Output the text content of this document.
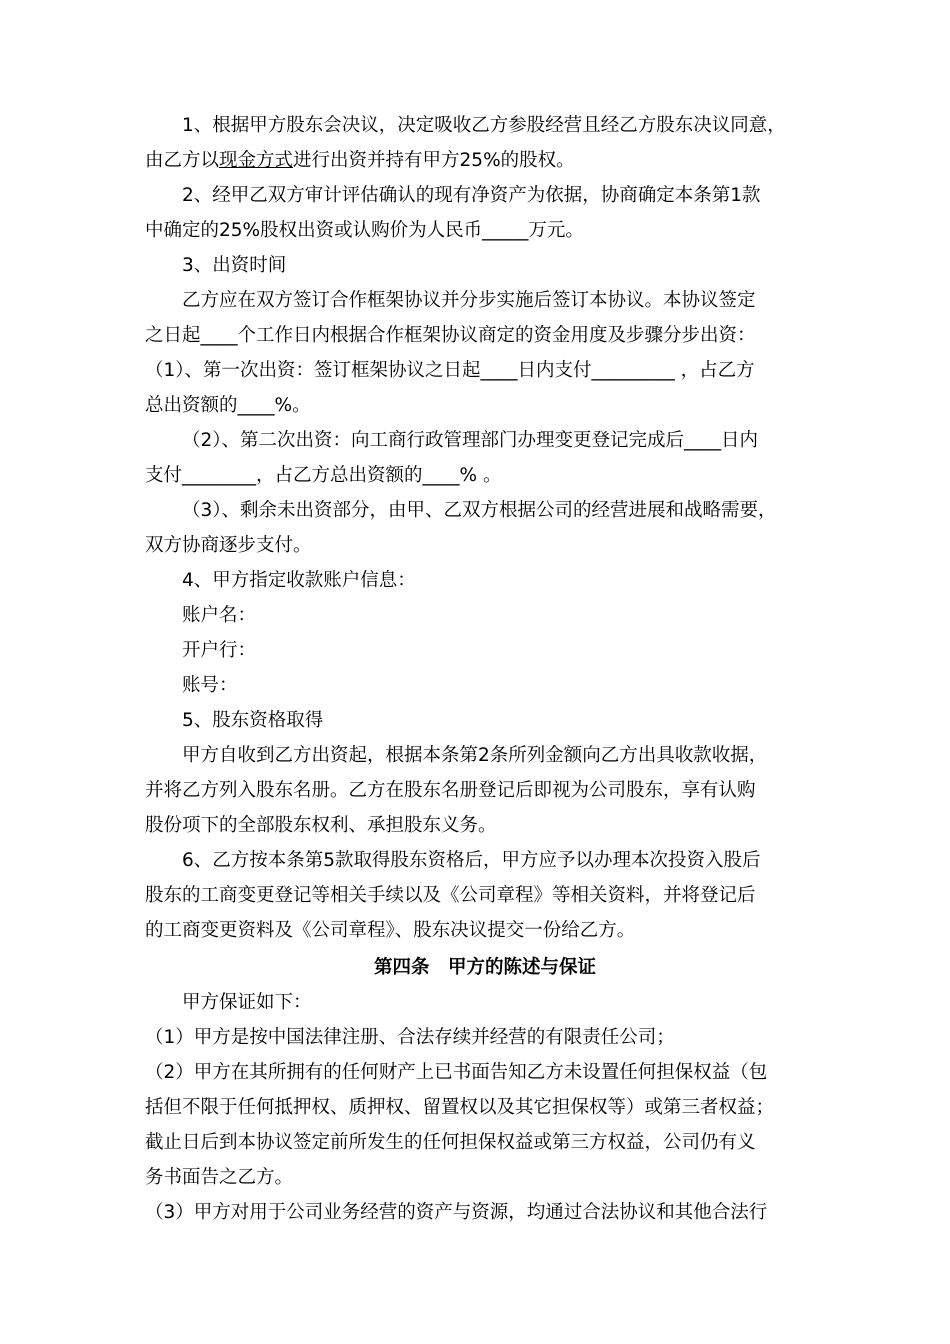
1、根据甲方股东会决议，决定吸收乙方参股经营且经乙方股东决议同意，
由乙方以现金方式进行出资并持有甲方25%的股权。
2、经甲乙双方审计评估确认的现有净资产为依据，协商确定本条第1款
中确定的25%股权出资或认购价为人民币_____万元。
3、出资时间
乙方应在双方签订合作框架协议并分步实施后签订本协议。本协议签定
之日起____个工作日内根据合作框架协议商定的资金用度及步骤分步出资：
（1）、第一次出资：签订框架协议之日起____日内支付_________ ，占乙方
总出资额的____%。
（2）、第二次出资：向工商行政管理部门办理变更登记完成后____日内
支付________，占乙方总出资额的____% 。
（3）、剩余未出资部分，由甲、乙双方根据公司的经营进展和战略需要，
双方协商逐步支付。
4、甲方指定收款账户信息：
账户名：
开户行：
账号：
5、股东资格取得
甲方自收到乙方出资起，根据本条第2条所列金额向乙方出具收款收据，
并将乙方列入股东名册。乙方在股东名册登记后即视为公司股东，享有认购
股份项下的全部股东权利、承担股东义务。
6、乙方按本条第5款取得股东资格后，甲方应予以办理本次投资入股后
股东的工商变更登记等相关手续以及《公司章程》等相关资料，并将登记后
的工商变更资料及《公司章程》、股东决议提交一份给乙方。
第四条　甲方的陈述与保证
甲方保证如下：
（1）甲方是按中国法律注册、合法存续并经营的有限责任公司；
（2）甲方在其所拥有的任何财产上已书面告知乙方未设置任何担保权益（包
括但不限于任何抵押权、质押权、留置权以及其它担保权等）或第三者权益；
截止日后到本协议签定前所发生的任何担保权益或第三方权益，公司仍有义
务书面告之乙方。
（3）甲方对用于公司业务经营的资产与资源，均通过合法协议和其他合法行
